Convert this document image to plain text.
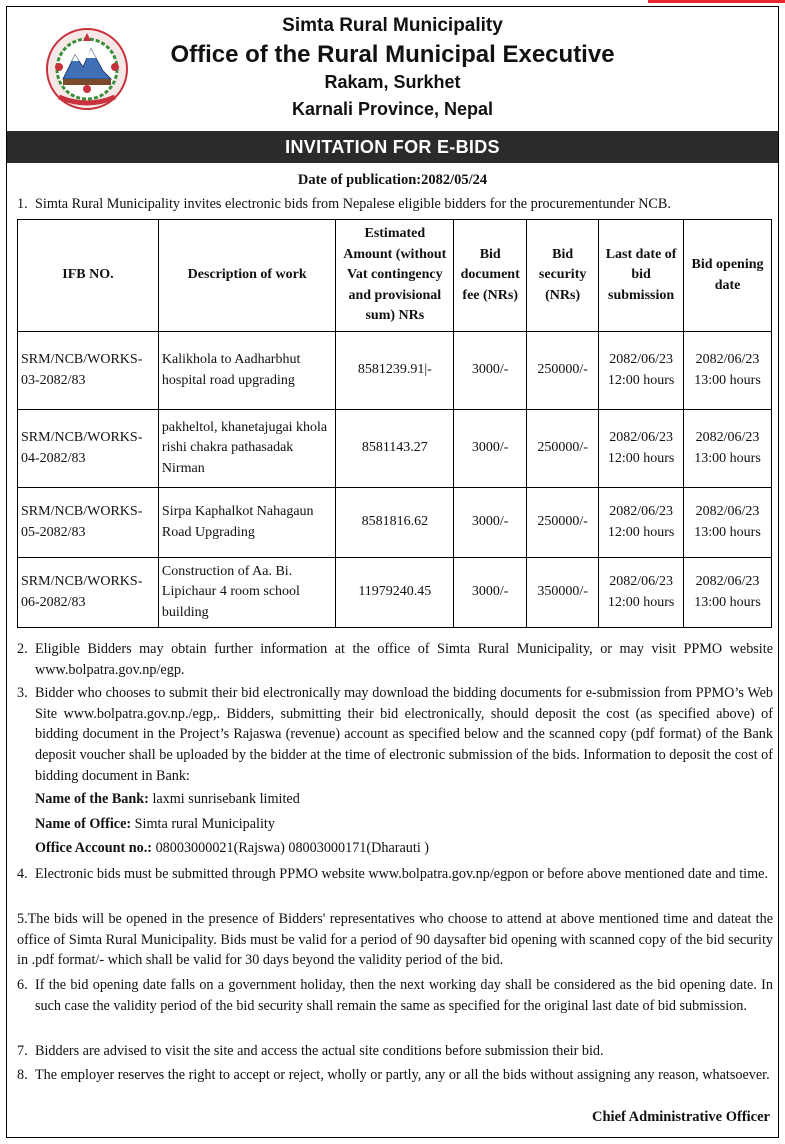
Simta Rural Municipality
Office of the Rural Municipal Executive
Rakam, Surkhet
Karnali Province, Nepal
INVITATION FOR E-BIDS
Date of publication:2082/05/24
1. Simta Rural Municipality invites electronic bids from Nepalese eligible bidders for the procurementunder NCB.
IFB NO.	Description of work	Estimated Amount (without Vat contingency and provisional sum) NRs	Bid document fee (NRs)	Bid security (NRs)	Last date of bid submission	Bid opening date
SRM/NCB/WORKS-03-2082/83	Kalikhola to Aadharbhut hospital road upgrading	8581239.91|-	3000/-	250000/-	2082/06/23 12:00 hours	2082/06/23 13:00 hours
SRM/NCB/WORKS-04-2082/83	pakheltol, khanetajugai khola rishi chakra pathasadak Nirman	8581143.27	3000/-	250000/-	2082/06/23 12:00 hours	2082/06/23 13:00 hours
SRM/NCB/WORKS-05-2082/83	Sirpa Kaphalkot Nahagaun Road Upgrading	8581816.62	3000/-	250000/-	2082/06/23 12:00 hours	2082/06/23 13:00 hours
SRM/NCB/WORKS-06-2082/83	Construction of Aa. Bi. Lipichaur 4 room school building	11979240.45	3000/-	350000/-	2082/06/23 12:00 hours	2082/06/23 13:00 hours
2. Eligible Bidders may obtain further information at the office of Simta Rural Municipality, or may visit PPMO website www.bolpatra.gov.np/egp.
3. Bidder who chooses to submit their bid electronically may download the bidding documents for e-submission from PPMO’s Web Site www.bolpatra.gov.np./egp,. Bidders, submitting their bid electronically, should deposit the cost (as specified above) of bidding document in the Project’s Rajaswa (revenue) account as specified below and the scanned copy (pdf format) of the Bank deposit voucher shall be uploaded by the bidder at the time of electronic submission of the bids. Information to deposit the cost of bidding document in Bank:
Name of the Bank: laxmi sunrisebank limited
Name of Office: Simta rural Municipality
Office Account no.: 08003000021(Rajswa) 08003000171(Dharauti )
4. Electronic bids must be submitted through PPMO website www.bolpatra.gov.np/egpon or before above mentioned date and time.
5.The bids will be opened in the presence of Bidders' representatives who choose to attend at above mentioned time and dateat the office of Simta Rural Municipality. Bids must be valid for a period of 90 daysafter bid opening with scanned copy of the bid security in .pdf format/- which shall be valid for 30 days beyond the validity period of the bid.
6. If the bid opening date falls on a government holiday, then the next working day shall be considered as the bid opening date. In such case the validity period of the bid security shall remain the same as specified for the original last date of bid submission.
7. Bidders are advised to visit the site and access the actual site conditions before submission their bid.
8. The employer reserves the right to accept or reject, wholly or partly, any or all the bids without assigning any reason, whatsoever.
Chief Administrative Officer
